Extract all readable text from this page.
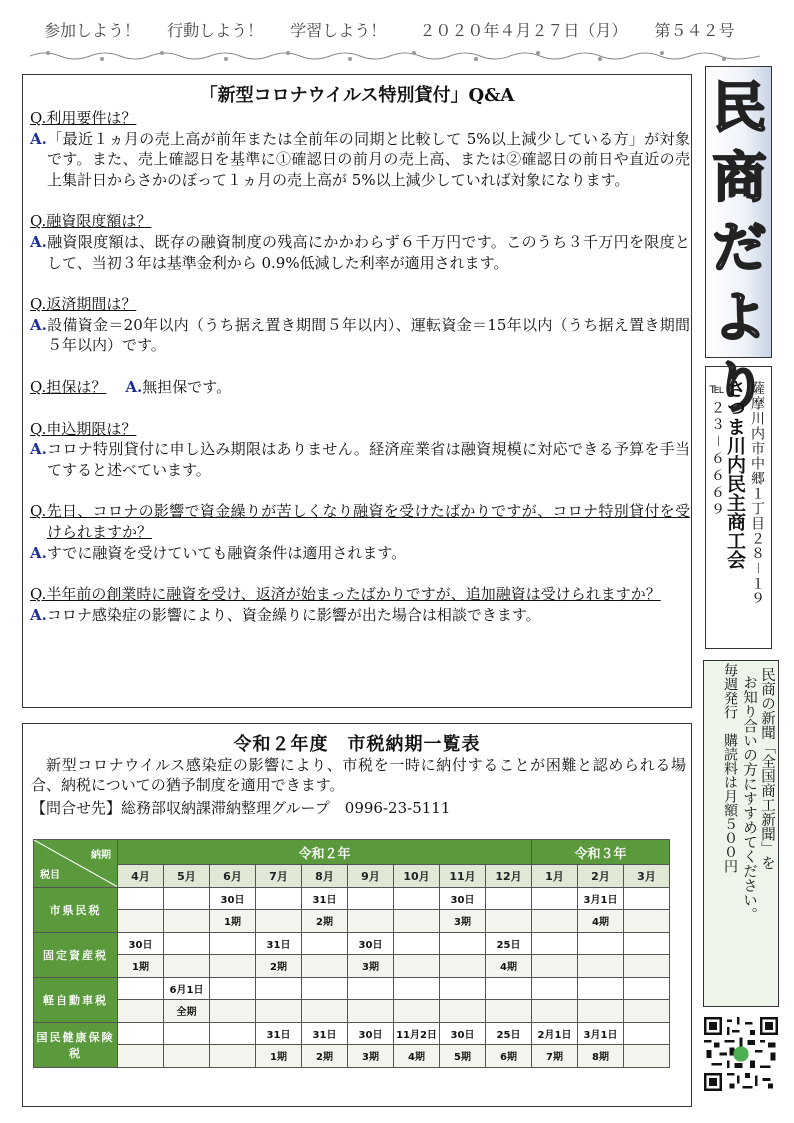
参加しよう！ 行動しよう！ 学習しよう！ ２０２０年４月２７日（月） 第５４２号
「新型コロナウイルス特別貸付」Q&A
Q.利用要件は？
A.「最近１ヵ月の売上高が前年または全前年の同期と比較して 5%以上減少している方」が対象です。また、売上確認日を基準に①確認日の前月の売上高、または②確認日の前日や直近の売上集計日からさかのぼって１ヵ月の売上高が 5%以上減少していれば対象になります。
Q.融資限度額は？
A.融資限度額は、既存の融資制度の残高にかかわらず６千万円です。このうち３千万円を限度として、当初３年は基準金利から 0.9%低減した利率が適用されます。
Q.返済期間は？
A.設備資金＝20年以内（うち据え置き期間５年以内）、運転資金＝15年以内（うち据え置き期間５年以内）です。
Q.担保は？ A.無担保です。
Q.申込期限は？
A.コロナ特別貸付に申し込み期限はありません。経済産業省は融資規模に対応できる予算を手当てすると述べています。
Q.先日、コロナの影響で資金繰りが苦しくなり融資を受けたばかりですが、コロナ特別貸付を受けられますか？
A.すでに融資を受けていても融資条件は適用されます。
Q.半年前の創業時に融資を受け、返済が始まったばかりですが、追加融資は受けられますか？
A.コロナ感染症の影響により、資金繰りに影響が出た場合は相談できます。
民商だより
薩摩川内市中郷１丁目２８－１９
さつま川内民主商工会
℡２３－６６６９
民商の新聞「全国商工新聞」を
お知り合いの方にすすめてください。
毎週発行　購読料は月額５００円
令和２年度　市税納期一覧表
新型コロナウイルス感染症の影響により、市税を一時に納付することが困難と認められる場合、納税についての猶予制度を適用できます。
【問合せ先】総務部収納課滞納整理グループ　0996-23-5111
納期
税目	令和２年									令和３年		
	4月	5月	6月	7月	8月	9月	10月	11月	12月	1月	2月	3月
市県民税			30日		31日			30日			3月1日	
			1期		2期			3期			4期	
固定資産税	30日			31日		30日			25日			
	1期			2期		3期			4期			
軽自動車税		6月1日										
		全期										
国民健康保険税				31日	31日	30日	11月2日	30日	25日	2月1日	3月1日	
				1期	2期	3期	4期	5期	6期	7期	8期	
